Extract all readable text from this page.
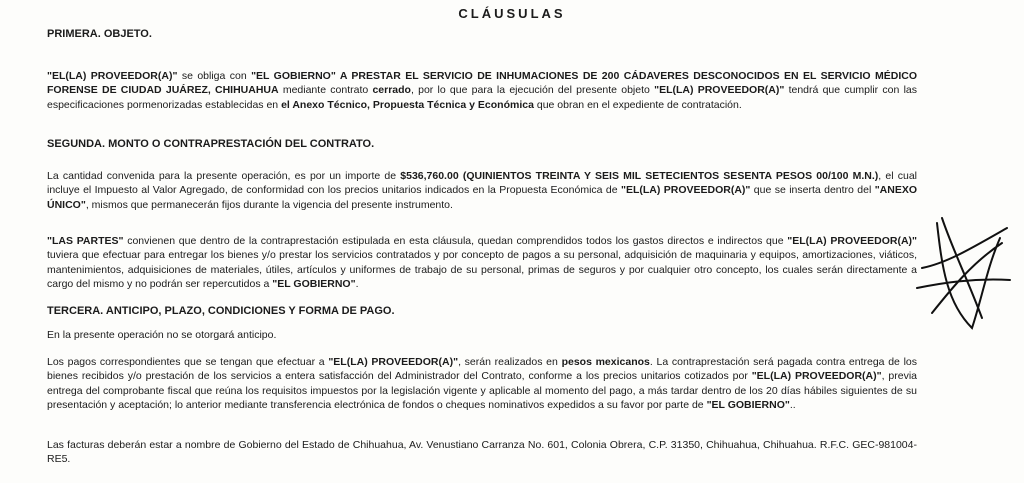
CLÁUSULAS
PRIMERA. OBJETO.
"EL(LA) PROVEEDOR(A)" se obliga con "EL GOBIERNO" A PRESTAR EL SERVICIO DE INHUMACIONES DE 200 CÁDAVERES DESCONOCIDOS EN EL SERVICIO MÉDICO FORENSE DE CIUDAD JUÁREZ, CHIHUAHUA mediante contrato cerrado, por lo que para la ejecución del presente objeto "EL(LA) PROVEEDOR(A)" tendrá que cumplir con las especificaciones pormenorizadas establecidas en el Anexo Técnico, Propuesta Técnica y Económica que obran en el expediente de contratación.
SEGUNDA. MONTO O CONTRAPRESTACIÓN DEL CONTRATO.
La cantidad convenida para la presente operación, es por un importe de $536,760.00 (QUINIENTOS TREINTA Y SEIS MIL SETECIENTOS SESENTA PESOS 00/100 M.N.), el cual incluye el Impuesto al Valor Agregado, de conformidad con los precios unitarios indicados en la Propuesta Económica de "EL(LA) PROVEEDOR(A)" que se inserta dentro del "ANEXO ÚNICO", mismos que permanecerán fijos durante la vigencia del presente instrumento.
"LAS PARTES" convienen que dentro de la contraprestación estipulada en esta cláusula, quedan comprendidos todos los gastos directos e indirectos que "EL(LA) PROVEEDOR(A)" tuviera que efectuar para entregar los bienes y/o prestar los servicios contratados y por concepto de pagos a su personal, adquisición de maquinaria y equipos, amortizaciones, viáticos, mantenimientos, adquisiciones de materiales, útiles, artículos y uniformes de trabajo de su personal, primas de seguros y por cualquier otro concepto, los cuales serán directamente a cargo del mismo y no podrán ser repercutidos a "EL GOBIERNO".
TERCERA. ANTICIPO, PLAZO, CONDICIONES Y FORMA DE PAGO.
En la presente operación no se otorgará anticipo.
Los pagos correspondientes que se tengan que efectuar a "EL(LA) PROVEEDOR(A)", serán realizados en pesos mexicanos. La contraprestación será pagada contra entrega de los bienes recibidos y/o prestación de los servicios a entera satisfacción del Administrador del Contrato, conforme a los precios unitarios cotizados por "EL(LA) PROVEEDOR(A)", previa entrega del comprobante fiscal que reúna los requisitos impuestos por la legislación vigente y aplicable al momento del pago, a más tardar dentro de los 20 días hábiles siguientes de su presentación y aceptación; lo anterior mediante transferencia electrónica de fondos o cheques nominativos expedidos a su favor por parte de "EL GOBIERNO"..
Las facturas deberán estar a nombre de Gobierno del Estado de Chihuahua, Av. Venustiano Carranza No. 601, Colonia Obrera, C.P. 31350, Chihuahua, Chihuahua. R.F.C. GEC-981004-RE5.
